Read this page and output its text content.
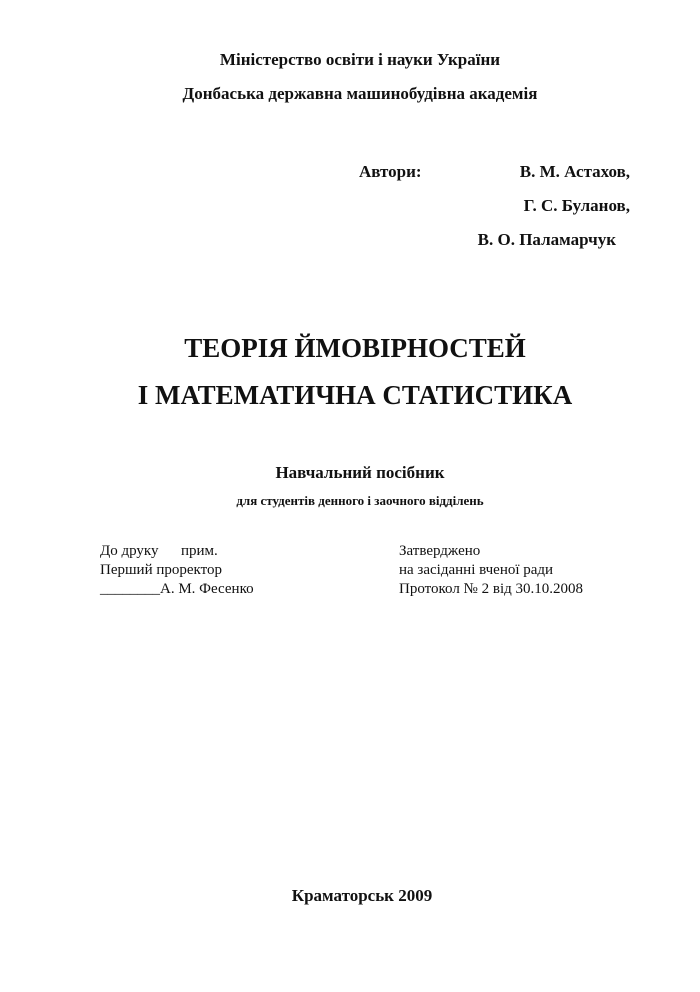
Міністерство освіти і науки України
Донбаська державна машинобудівна академія
Автори:	В. М. Астахов,
Г. С. Буланов,
В. О. Паламарчук
ТЕОРІЯ ЙМОВІРНОСТЕЙ
І МАТЕМАТИЧНА СТАТИСТИКА
Навчальний посібник
для студентів денного і заочного відділень
До друку      прим.
Перший проректор
________А. М. Фесенко
Затверджено
на засіданні вченої ради
Протокол № 2 від 30.10.2008
Краматорськ 2009
